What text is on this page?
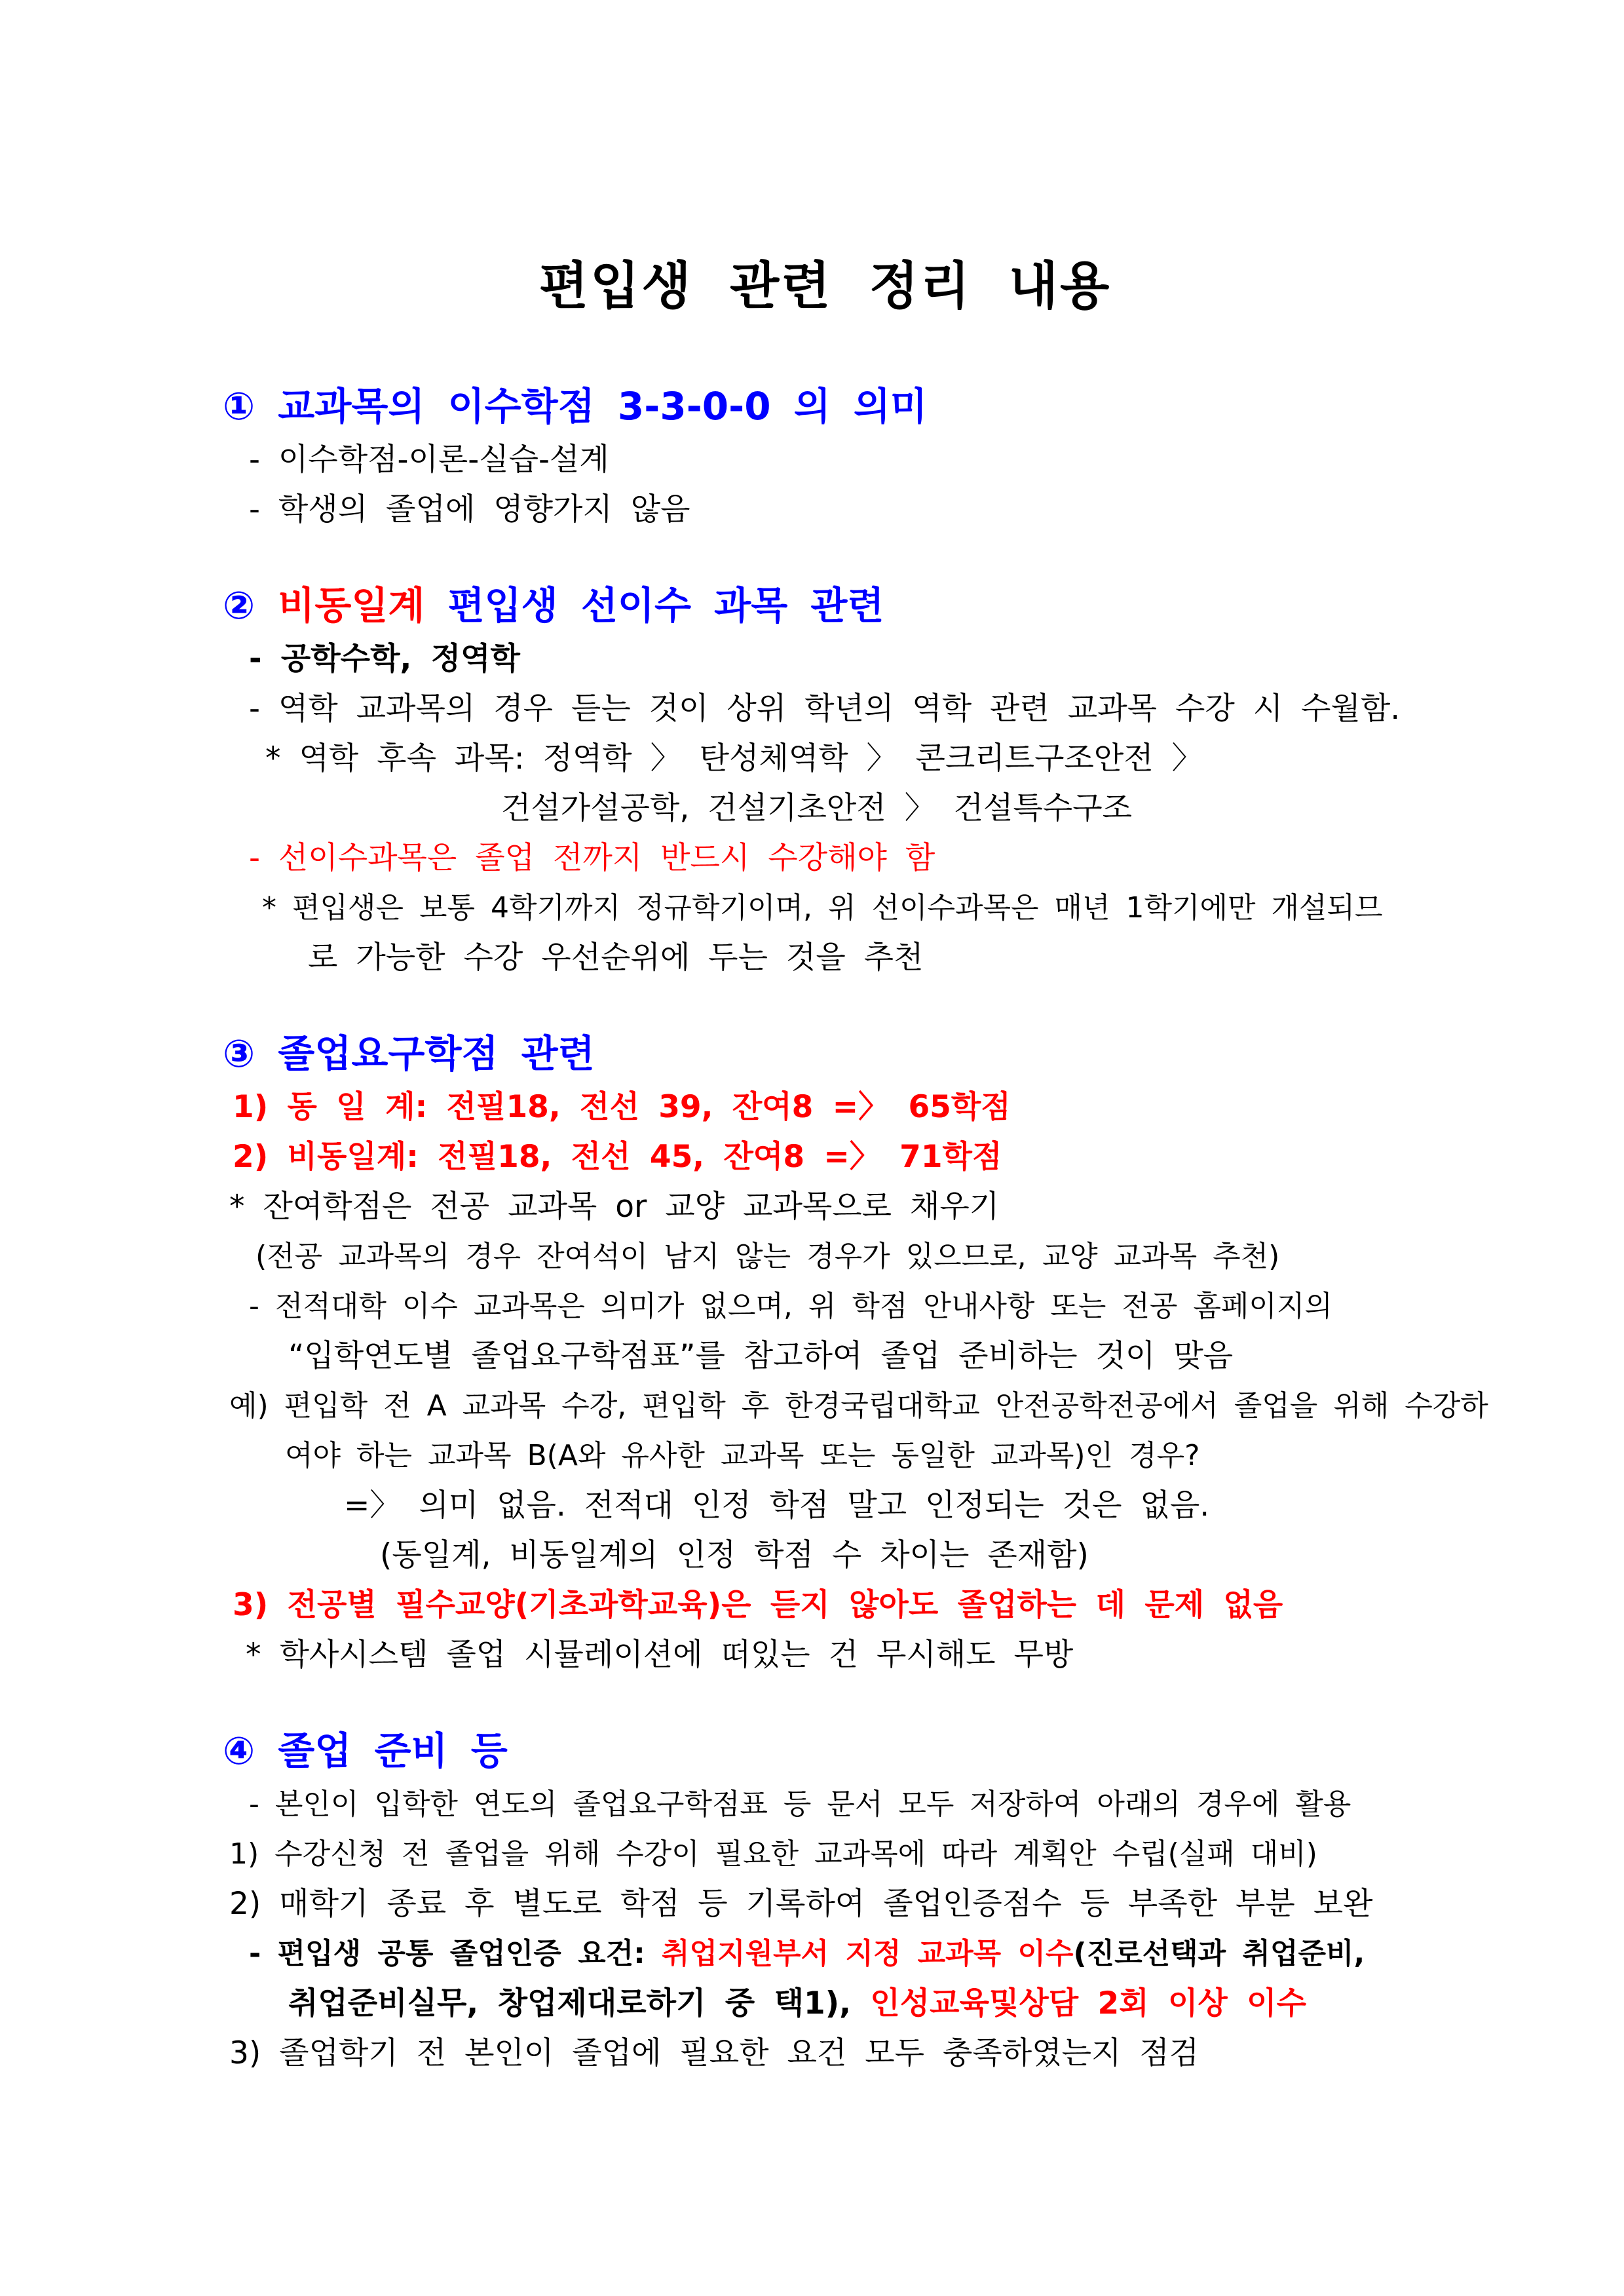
편입생 관련 정리 내용
① 교과목의 이수학점 3-3-0-0 의 의미
- 이수학점-이론-실습-설계
- 학생의 졸업에 영향가지 않음
② 비동일계 편입생 선이수 과목 관련
- 공학수학, 정역학
- 역학 교과목의 경우 듣는 것이 상위 학년의 역학 관련 교과목 수강 시 수월함.
* 역학 후속 과목: 정역학 〉 탄성체역학 〉 콘크리트구조안전 〉
건설가설공학, 건설기초안전 〉 건설특수구조
- 선이수과목은 졸업 전까지 반드시 수강해야 함
* 편입생은 보통 4학기까지 정규학기이며, 위 선이수과목은 매년 1학기에만 개설되므
로 가능한 수강 우선순위에 두는 것을 추천
③ 졸업요구학점 관련
1) 동 일 계: 전필18, 전선 39, 잔여8 =〉 65학점
2) 비동일계: 전필18, 전선 45, 잔여8 =〉 71학점
* 잔여학점은 전공 교과목 or 교양 교과목으로 채우기
(전공 교과목의 경우 잔여석이 남지 않는 경우가 있으므로, 교양 교과목 추천)
- 전적대학 이수 교과목은 의미가 없으며, 위 학점 안내사항 또는 전공 홈페이지의
“입학연도별 졸업요구학점표”를 참고하여 졸업 준비하는 것이 맞음
예) 편입학 전 A 교과목 수강, 편입학 후 한경국립대학교 안전공학전공에서 졸업을 위해 수강하
여야 하는 교과목 B(A와 유사한 교과목 또는 동일한 교과목)인 경우?
=〉 의미 없음. 전적대 인정 학점 말고 인정되는 것은 없음.
(동일계, 비동일계의 인정 학점 수 차이는 존재함)
3) 전공별 필수교양(기초과학교육)은 듣지 않아도 졸업하는 데 문제 없음
* 학사시스템 졸업 시뮬레이션에 떠있는 건 무시해도 무방
④ 졸업 준비 등
- 본인이 입학한 연도의 졸업요구학점표 등 문서 모두 저장하여 아래의 경우에 활용
1) 수강신청 전 졸업을 위해 수강이 필요한 교과목에 따라 계획안 수립(실패 대비)
2) 매학기 종료 후 별도로 학점 등 기록하여 졸업인증점수 등 부족한 부분 보완
- 편입생 공통 졸업인증 요건: 취업지원부서 지정 교과목 이수(진로선택과 취업준비,
취업준비실무, 창업제대로하기 중 택1), 인성교육및상담 2회 이상 이수
3) 졸업학기 전 본인이 졸업에 필요한 요건 모두 충족하였는지 점검
